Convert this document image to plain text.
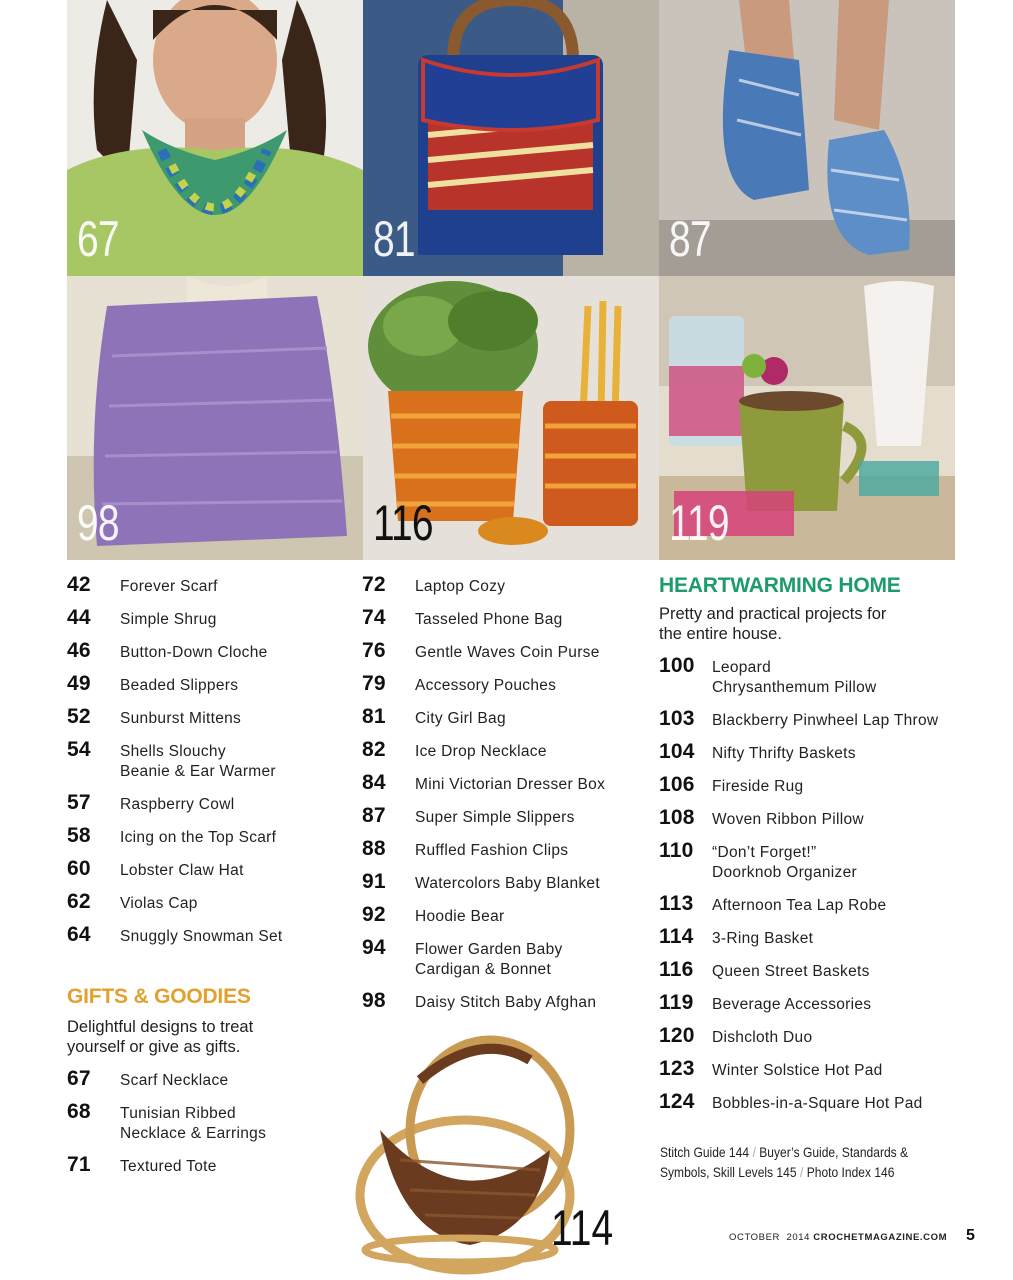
67	81	87
98	116	119
42 Forever Scarf
44 Simple Shrug
46 Button-Down Cloche
49 Beaded Slippers
52 Sunburst Mittens
54 Shells Slouchy
Beanie & Ear Warmer
57 Raspberry Cowl
58 Icing on the Top Scarf
60 Lobster Claw Hat
62 Violas Cap
64 Snuggly Snowman Set
GIFTS & GOODIES
Delightful designs to treat
yourself or give as gifts.
67 Scarf Necklace
68 Tunisian Ribbed
Necklace & Earrings
71 Textured Tote
72 Laptop Cozy
74 Tasseled Phone Bag
76 Gentle Waves Coin Purse
79 Accessory Pouches
81 City Girl Bag
82 Ice Drop Necklace
84 Mini Victorian Dresser Box
87 Super Simple Slippers
88 Ruffled Fashion Clips
91 Watercolors Baby Blanket
92 Hoodie Bear
94 Flower Garden Baby
Cardigan & Bonnet
98 Daisy Stitch Baby Afghan
114
HEARTWARMING HOME
Pretty and practical projects for
the entire house.
100 Leopard
Chrysanthemum Pillow
103 Blackberry Pinwheel Lap Throw
104 Nifty Thrifty Baskets
106 Fireside Rug
108 Woven Ribbon Pillow
110 “Don’t Forget!”
Doorknob Organizer
113 Afternoon Tea Lap Robe
114 3-Ring Basket
116 Queen Street Baskets
119 Beverage Accessories
120 Dishcloth Duo
123 Winter Solstice Hot Pad
124 Bobbles-in-a-Square Hot Pad
Stitch Guide 144 / Buyer’s Guide, Standards &
Symbols, Skill Levels 145 / Photo Index 146
OCTOBER  2014 CROCHETMAGAZINE.COM 5
